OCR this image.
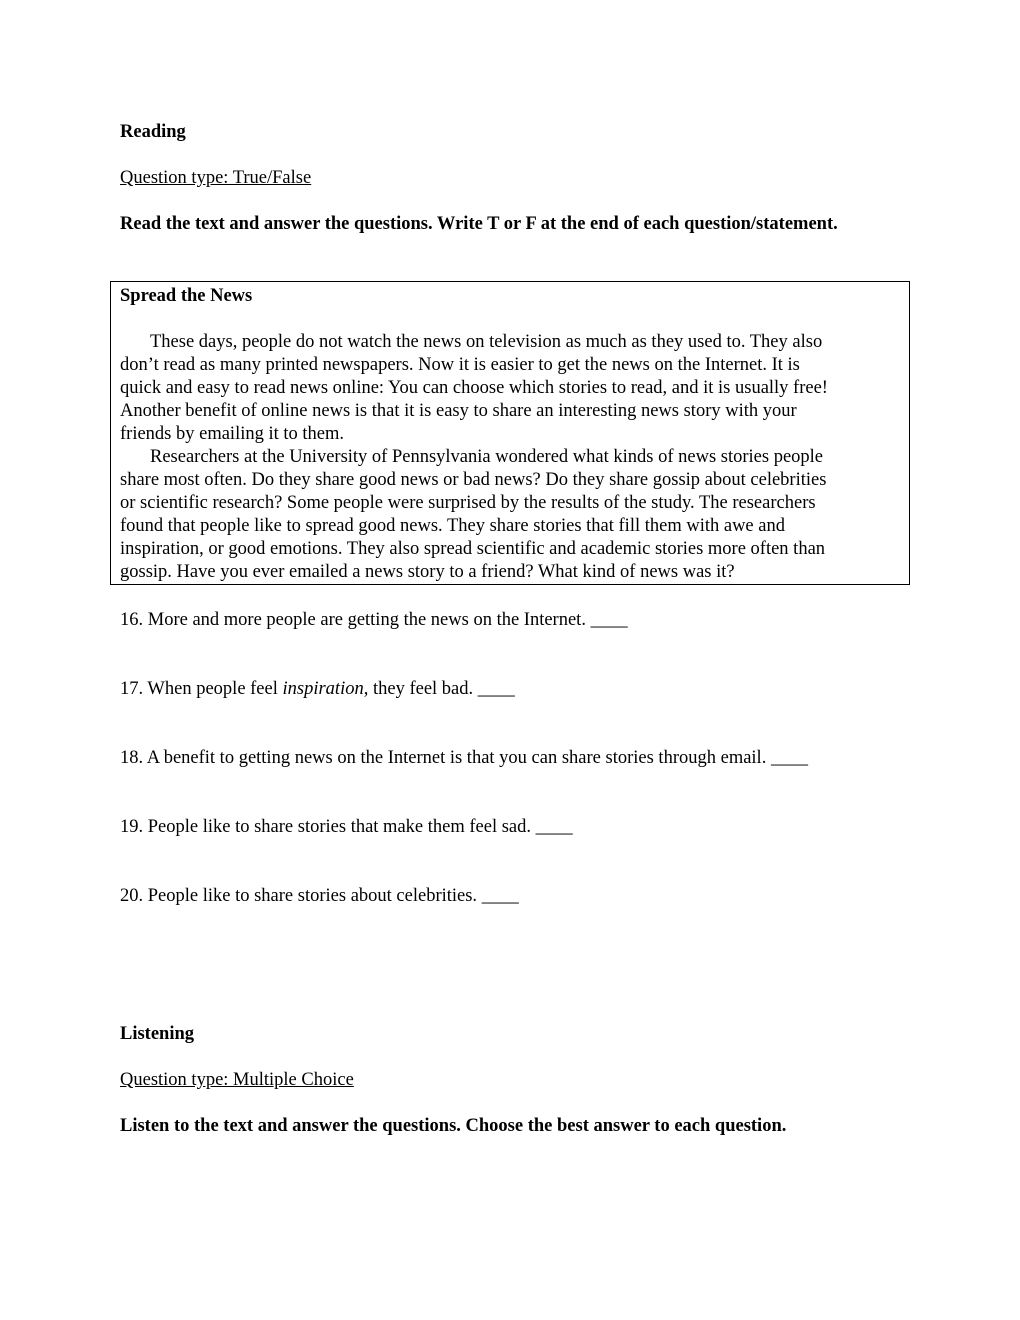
Reading
Question type: True/False
Read the text and answer the questions. Write T or F at the end of each question/statement.
Spread the News
These days, people do not watch the news on television as much as they used to. They also
don’t read as many printed newspapers. Now it is easier to get the news on the Internet. It is
quick and easy to read news online: You can choose which stories to read, and it is usually free!
Another benefit of online news is that it is easy to share an interesting news story with your
friends by emailing it to them.
Researchers at the University of Pennsylvania wondered what kinds of news stories people
share most often. Do they share good news or bad news? Do they share gossip about celebrities
or scientific research? Some people were surprised by the results of the study. The researchers
found that people like to spread good news. They share stories that fill them with awe and
inspiration, or good emotions. They also spread scientific and academic stories more often than
gossip. Have you ever emailed a news story to a friend? What kind of news was it?
16. More and more people are getting the news on the Internet. ____
17. When people feel inspiration, they feel bad. ____
18. A benefit to getting news on the Internet is that you can share stories through email. ____
19. People like to share stories that make them feel sad. ____
20. People like to share stories about celebrities. ____
Listening
Question type: Multiple Choice
Listen to the text and answer the questions. Choose the best answer to each question.
